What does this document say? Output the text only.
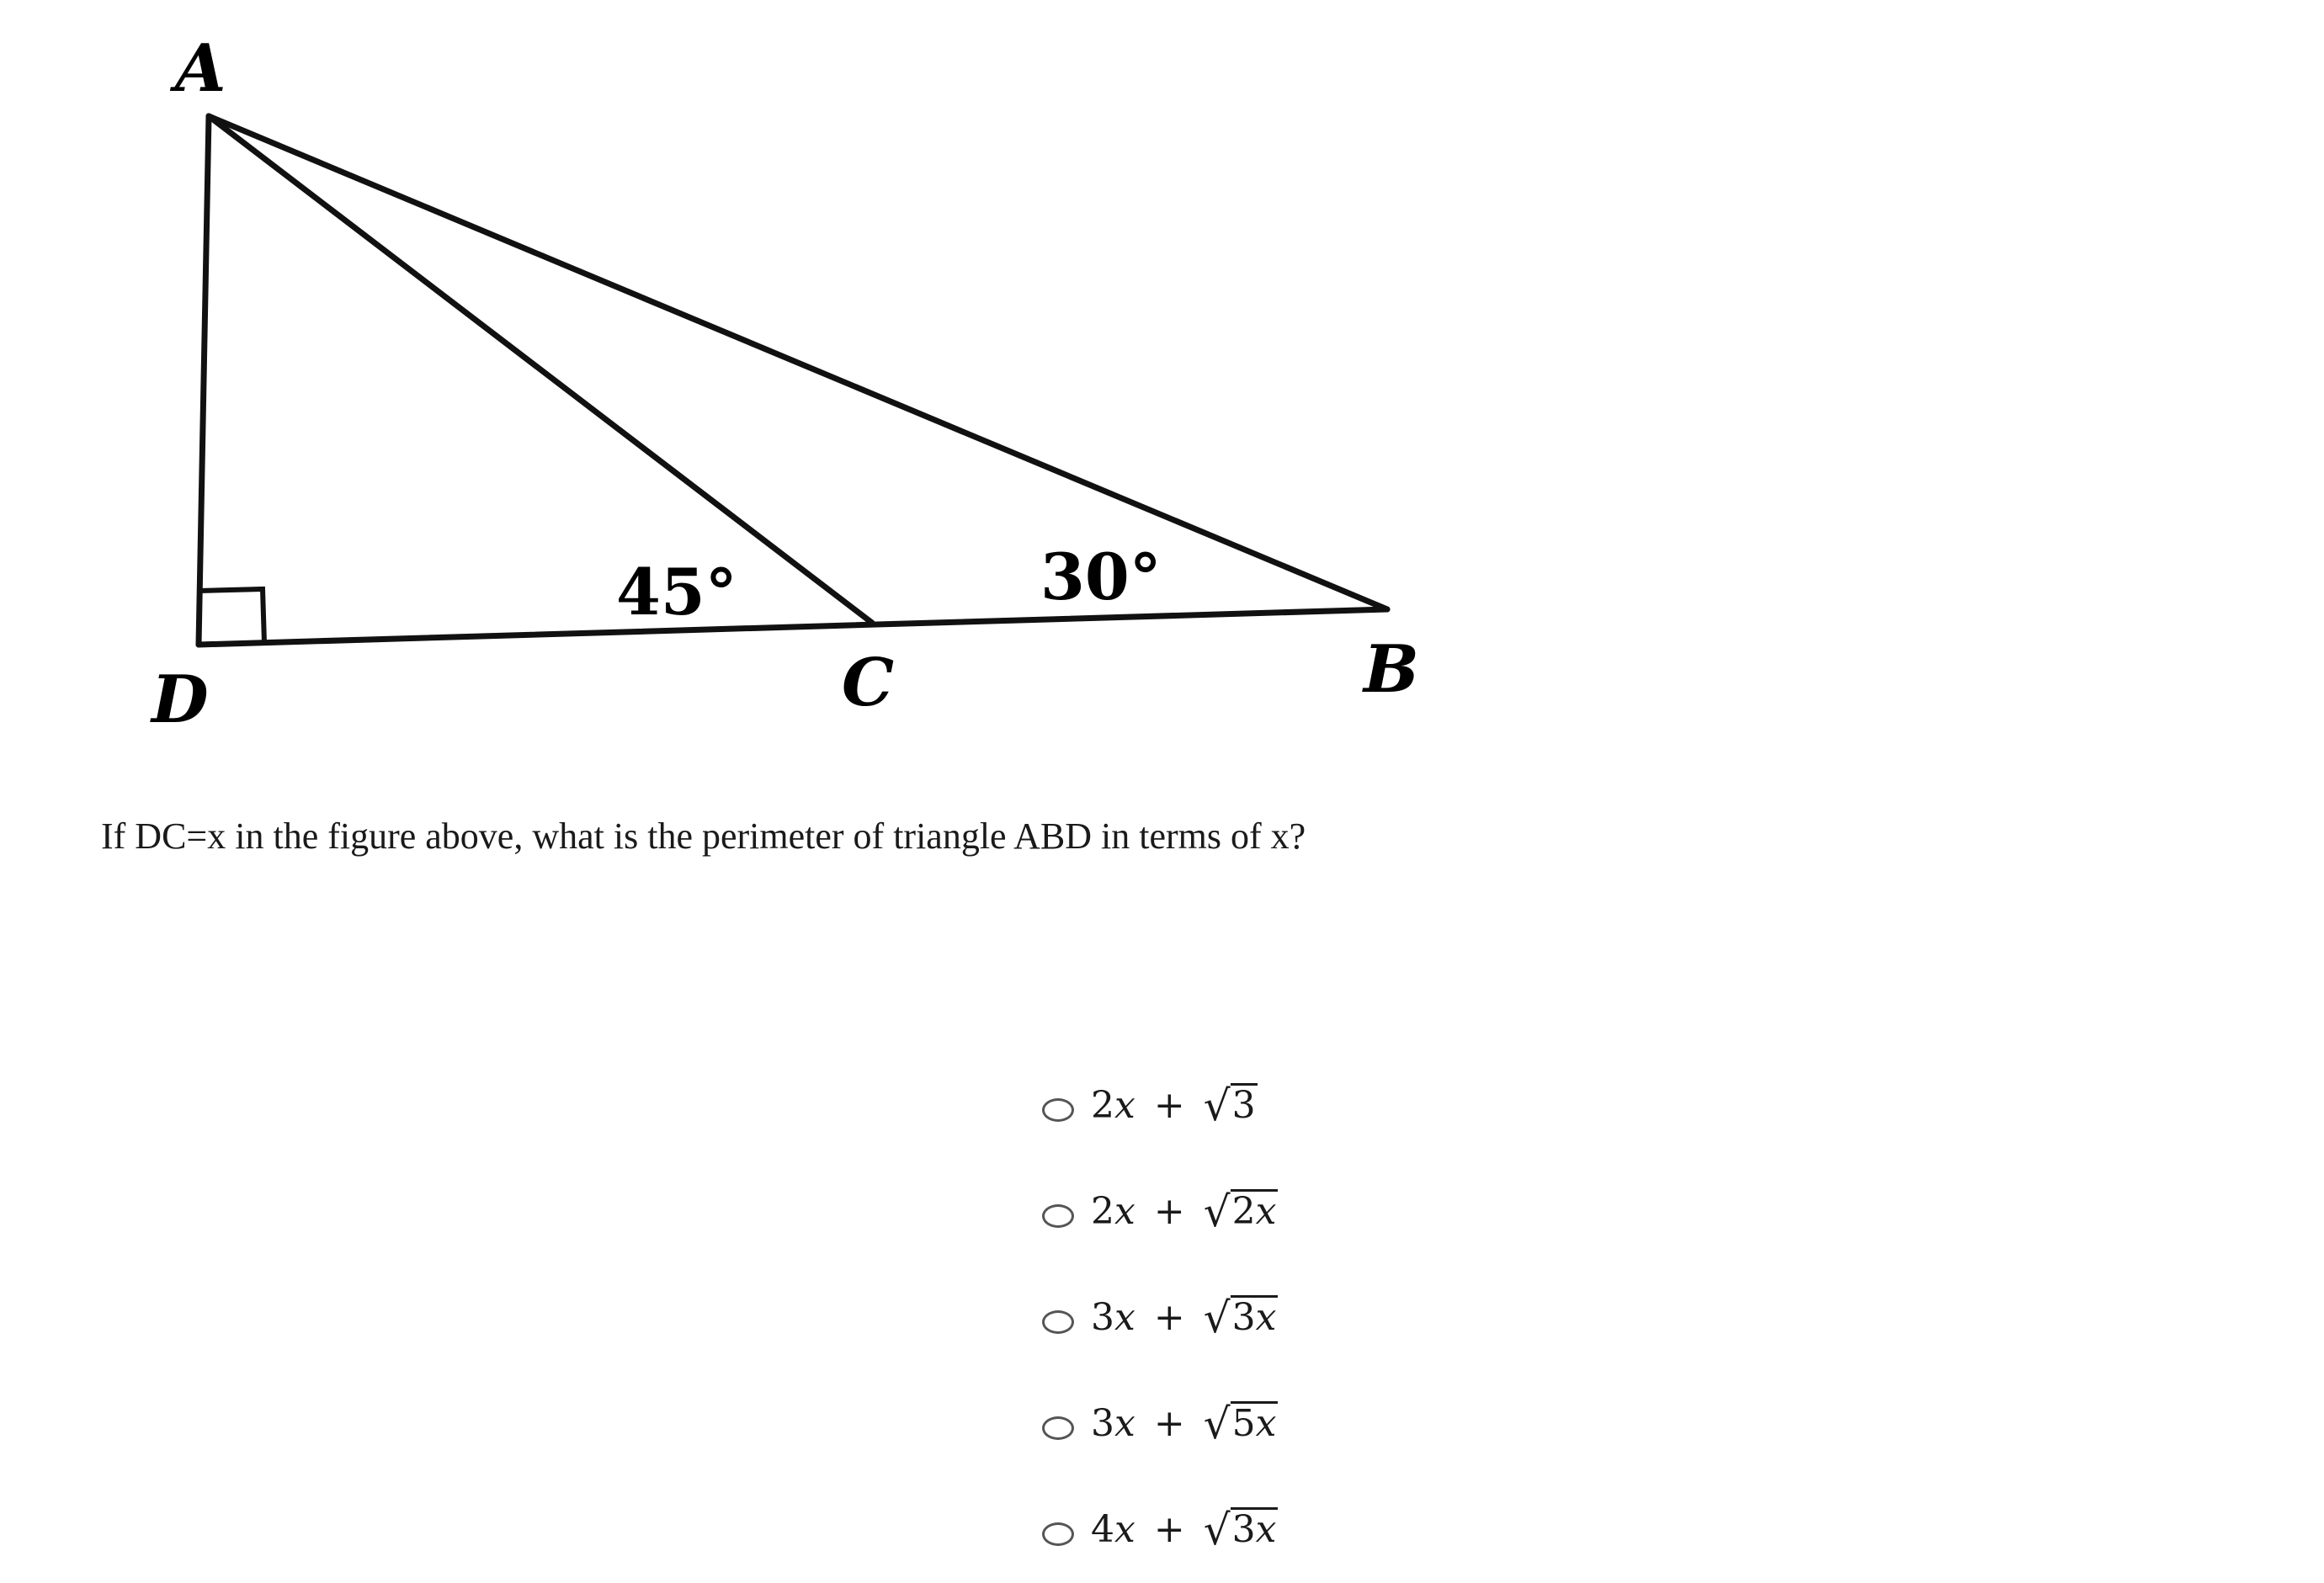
A
D	C	B
45°	30°
If DC=x in the figure above, what is the perimeter of triangle ABD in terms of x?
2 x + √ 3
2 x + √ 2x
3 x + √ 3x
3 x + √ 5x
4 x + √ 3x
